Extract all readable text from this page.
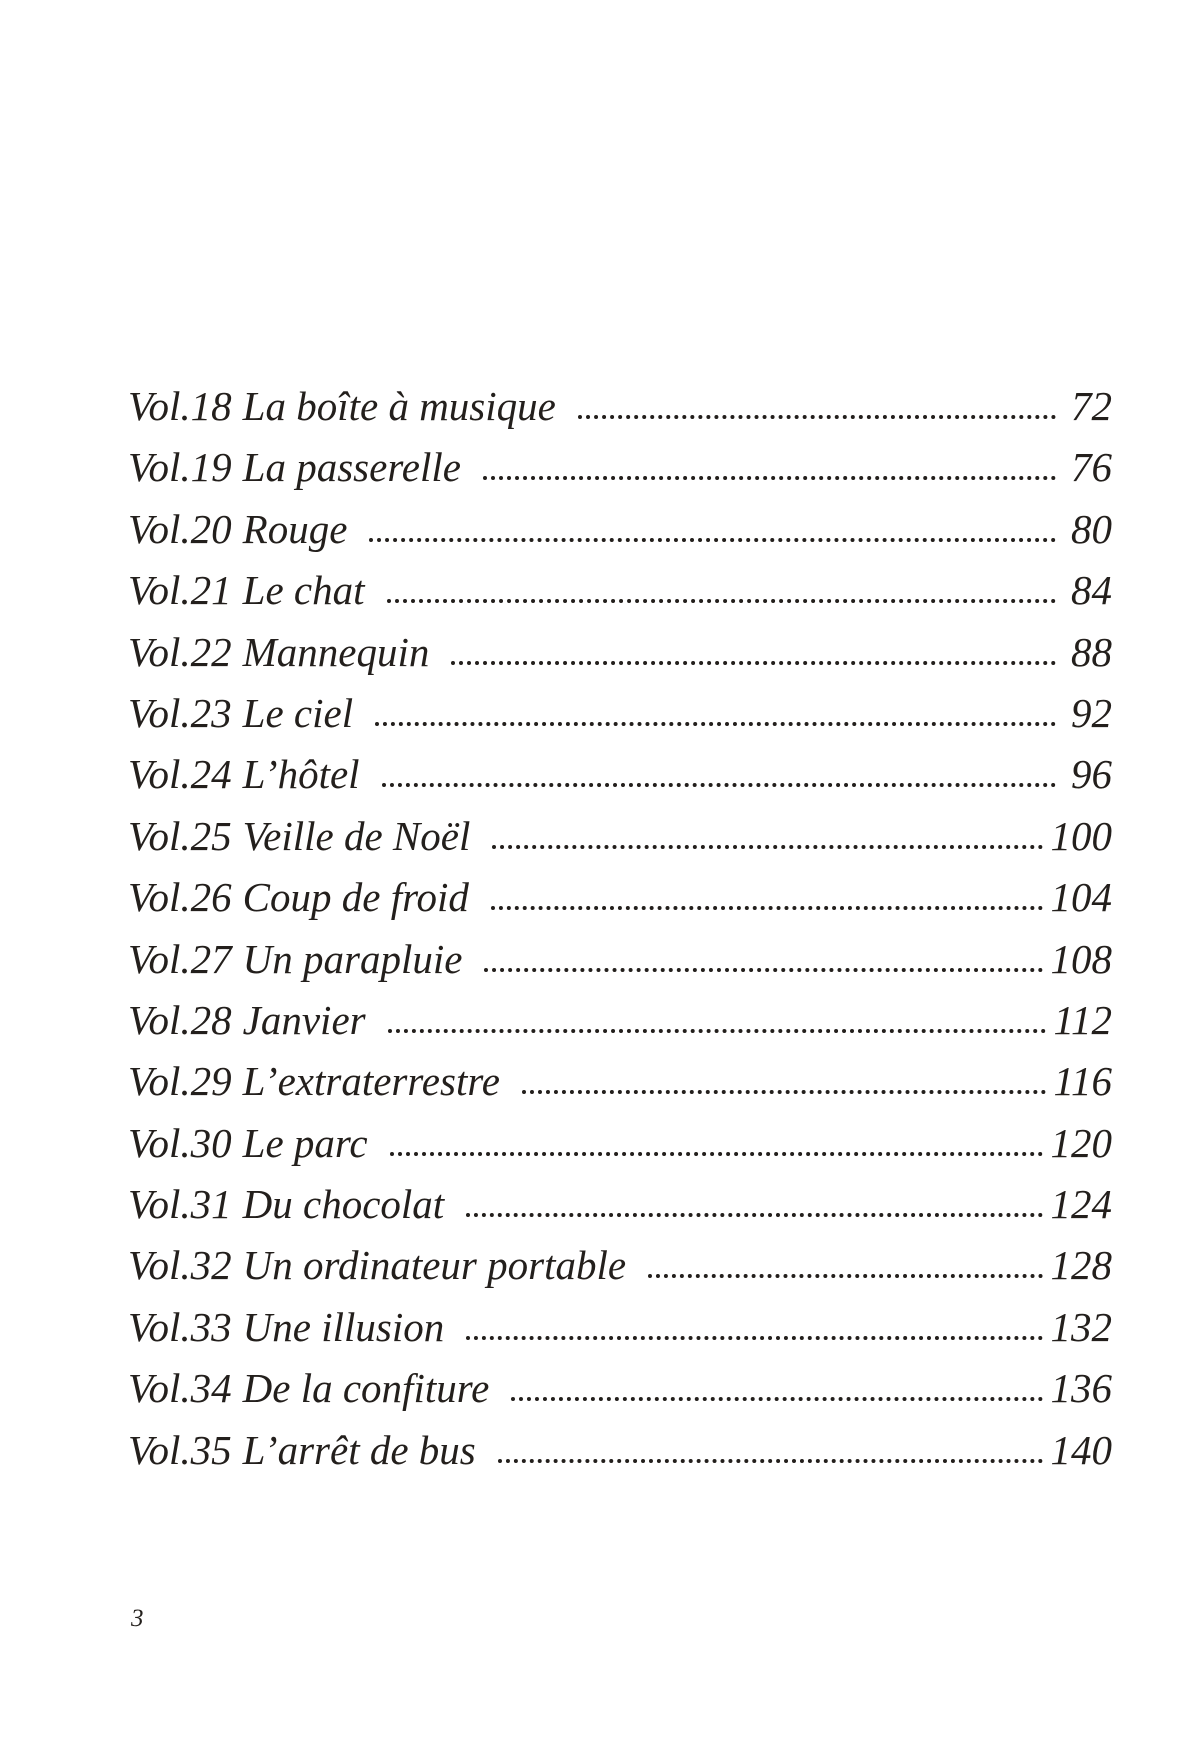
Vol.18 La boîte à musique	72
Vol.19 La passerelle	76
Vol.20 Rouge	80
Vol.21 Le chat	84
Vol.22 Mannequin	88
Vol.23 Le ciel	92
Vol.24 L’hôtel	96
Vol.25 Veille de Noël	100
Vol.26 Coup de froid	104
Vol.27 Un parapluie	108
Vol.28 Janvier	112
Vol.29 L’extraterrestre	116
Vol.30 Le parc	120
Vol.31 Du chocolat	124
Vol.32 Un ordinateur portable	128
Vol.33 Une illusion	132
Vol.34 De la confiture	136
Vol.35 L’arrêt de bus	140
3
